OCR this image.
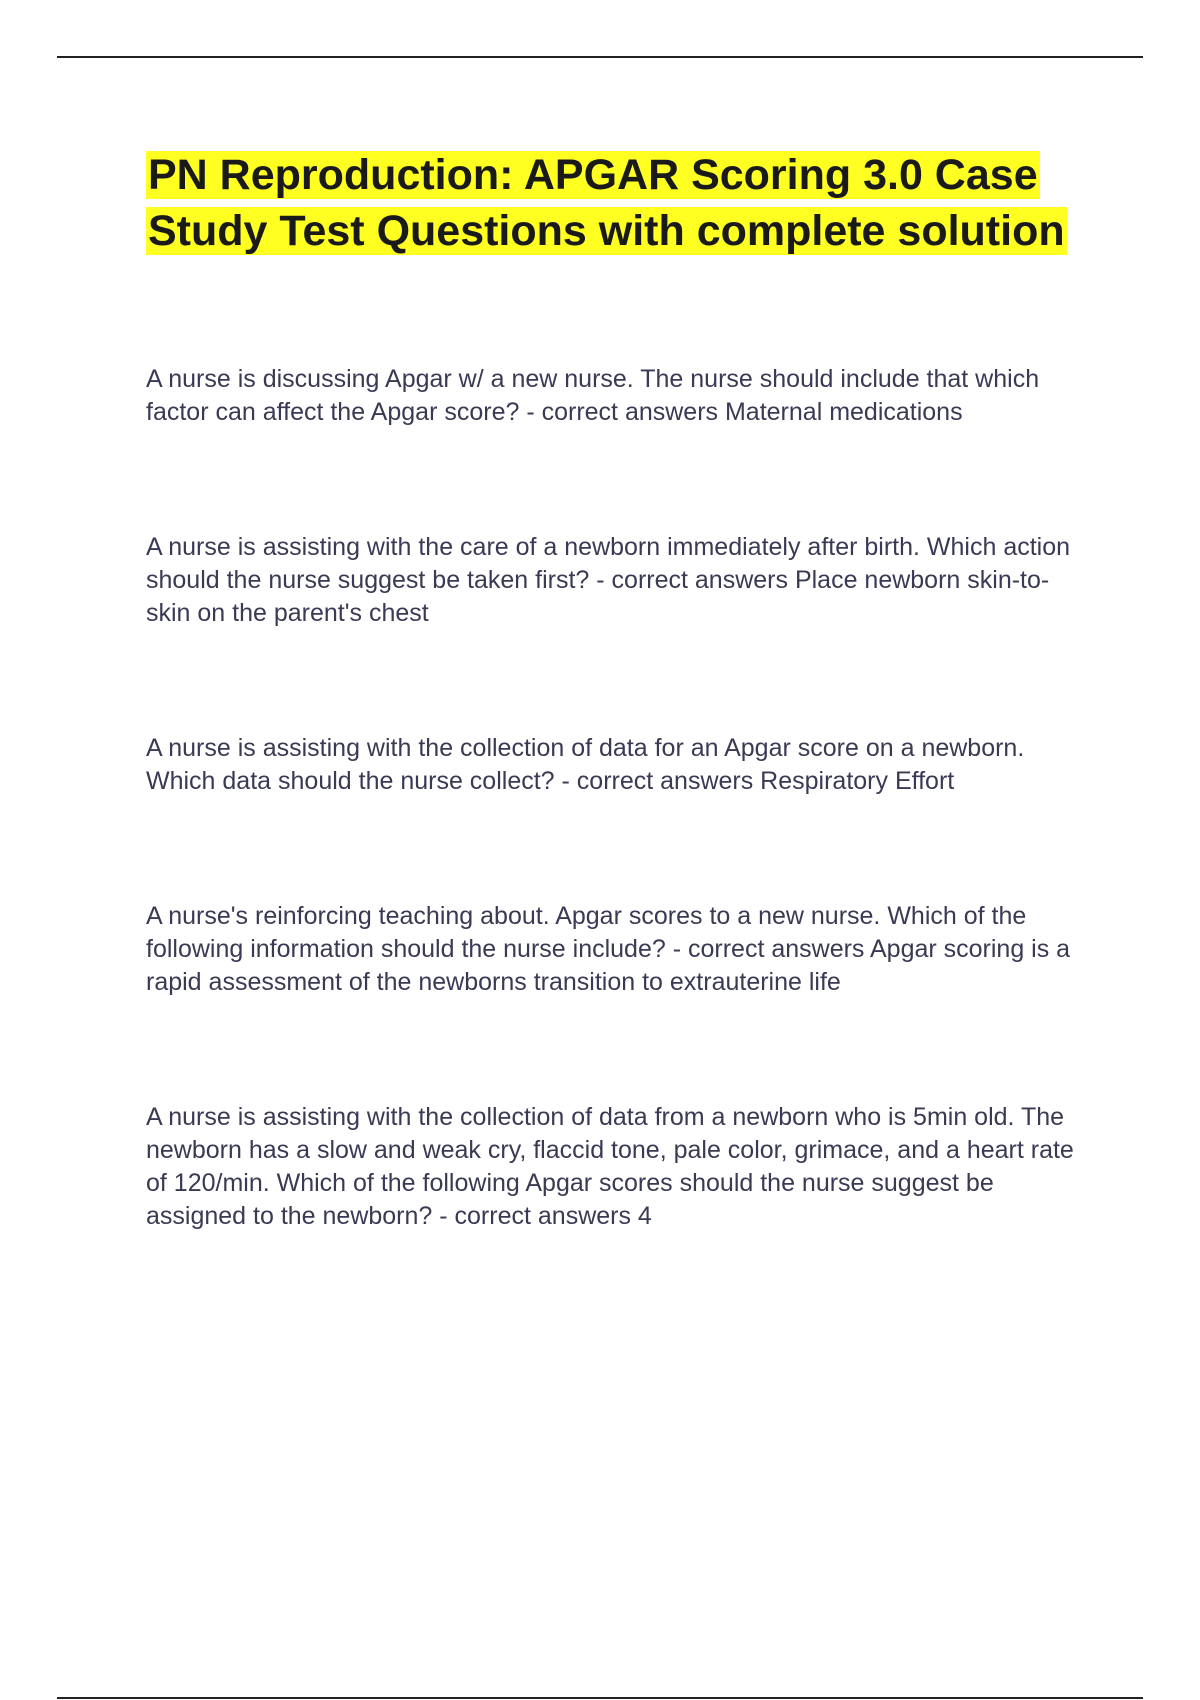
PN Reproduction: APGAR Scoring 3.0 Case Study Test Questions with complete solution

A nurse is discussing Apgar w/ a new nurse. The nurse should include that which factor can affect the Apgar score? - correct answers Maternal medications

A nurse is assisting with the care of a newborn immediately after birth. Which action should the nurse suggest be taken first? - correct answers Place newborn skin-to-skin on the parent's chest

A nurse is assisting with the collection of data for an Apgar score on a newborn. Which data should the nurse collect? - correct answers Respiratory Effort

A nurse's reinforcing teaching about. Apgar scores to a new nurse. Which of the following information should the nurse include? - correct answers Apgar scoring is a rapid assessment of the newborns transition to extrauterine life

A nurse is assisting with the collection of data from a newborn who is 5min old. The newborn has a slow and weak cry, flaccid tone, pale color, grimace, and a heart rate of 120/min. Which of the following Apgar scores should the nurse suggest be assigned to the newborn? - correct answers 4
